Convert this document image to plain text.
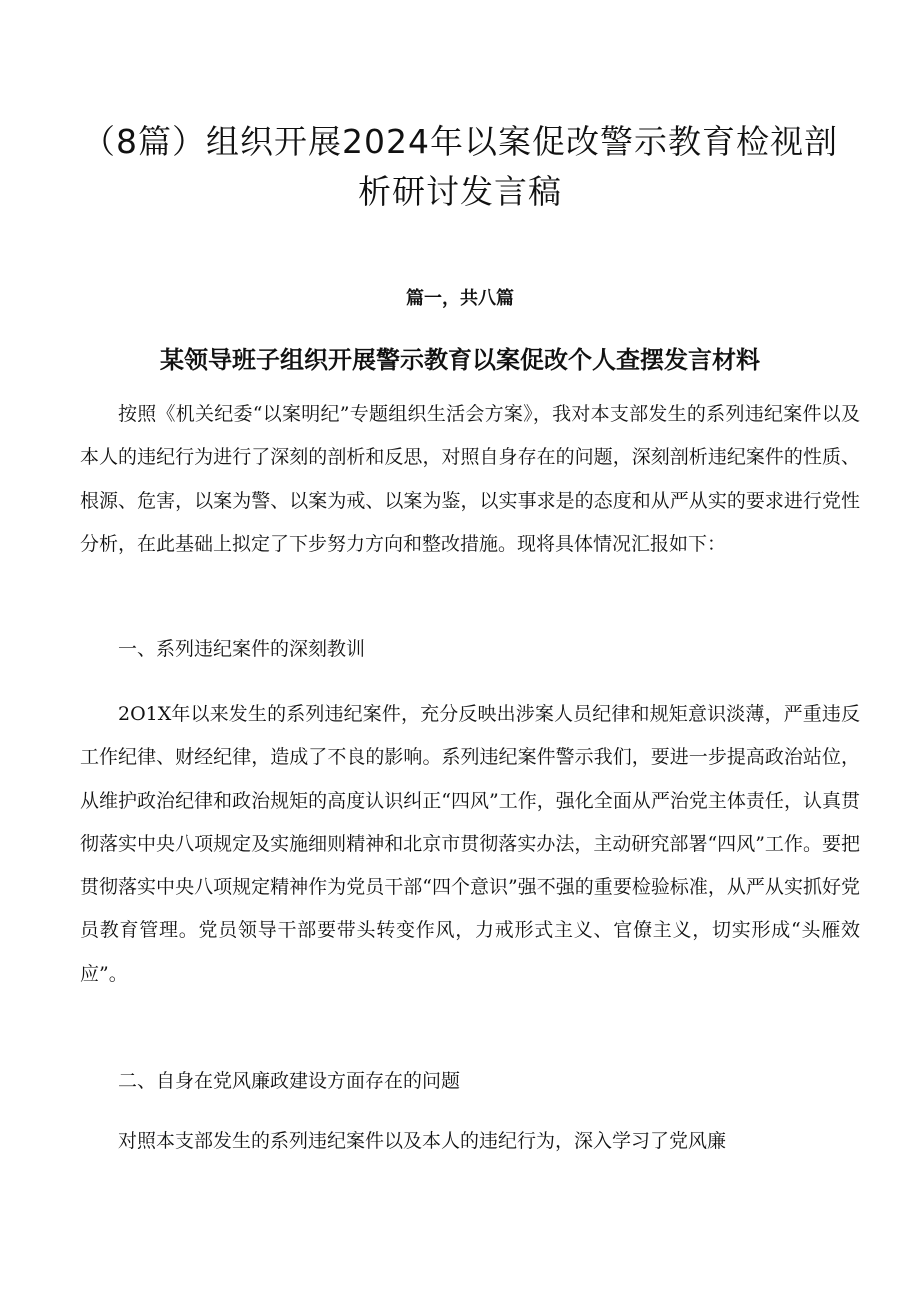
（8篇）组织开展2024年以案促改警示教育检视剖
析研讨发言稿
篇一，共八篇
某领导班子组织开展警示教育以案促改个人查摆发言材料

按照《机关纪委“以案明纪”专题组织生活会方案》，我对本支部发生的系列违纪案件以及本人的违纪行为进行了深刻的剖析和反思，对照自身存在的问题，深刻剖析违纪案件的性质、根源、危害，以案为警、以案为戒、以案为鉴，以实事求是的态度和从严从实的要求进行党性分析，在此基础上拟定了下步努力方向和整改措施。现将具体情况汇报如下：

一、系列违纪案件的深刻教训

2O1X年以来发生的系列违纪案件，充分反映出涉案人员纪律和规矩意识淡薄，严重违反工作纪律、财经纪律，造成了不良的影响。系列违纪案件警示我们，要进一步提高政治站位，从维护政治纪律和政治规矩的高度认识纠正“四风”工作，强化全面从严治党主体责任，认真贯彻落实中央八项规定及实施细则精神和北京市贯彻落实办法，主动研究部署“四风”工作。要把贯彻落实中央八项规定精神作为党员干部“四个意识”强不强的重要检验标准，从严从实抓好党员教育管理。党员领导干部要带头转变作风，力戒形式主义、官僚主义，切实形成“头雁效应”。

二、自身在党风廉政建设方面存在的问题

对照本支部发生的系列违纪案件以及本人的违纪行为，深入学习了党风廉
